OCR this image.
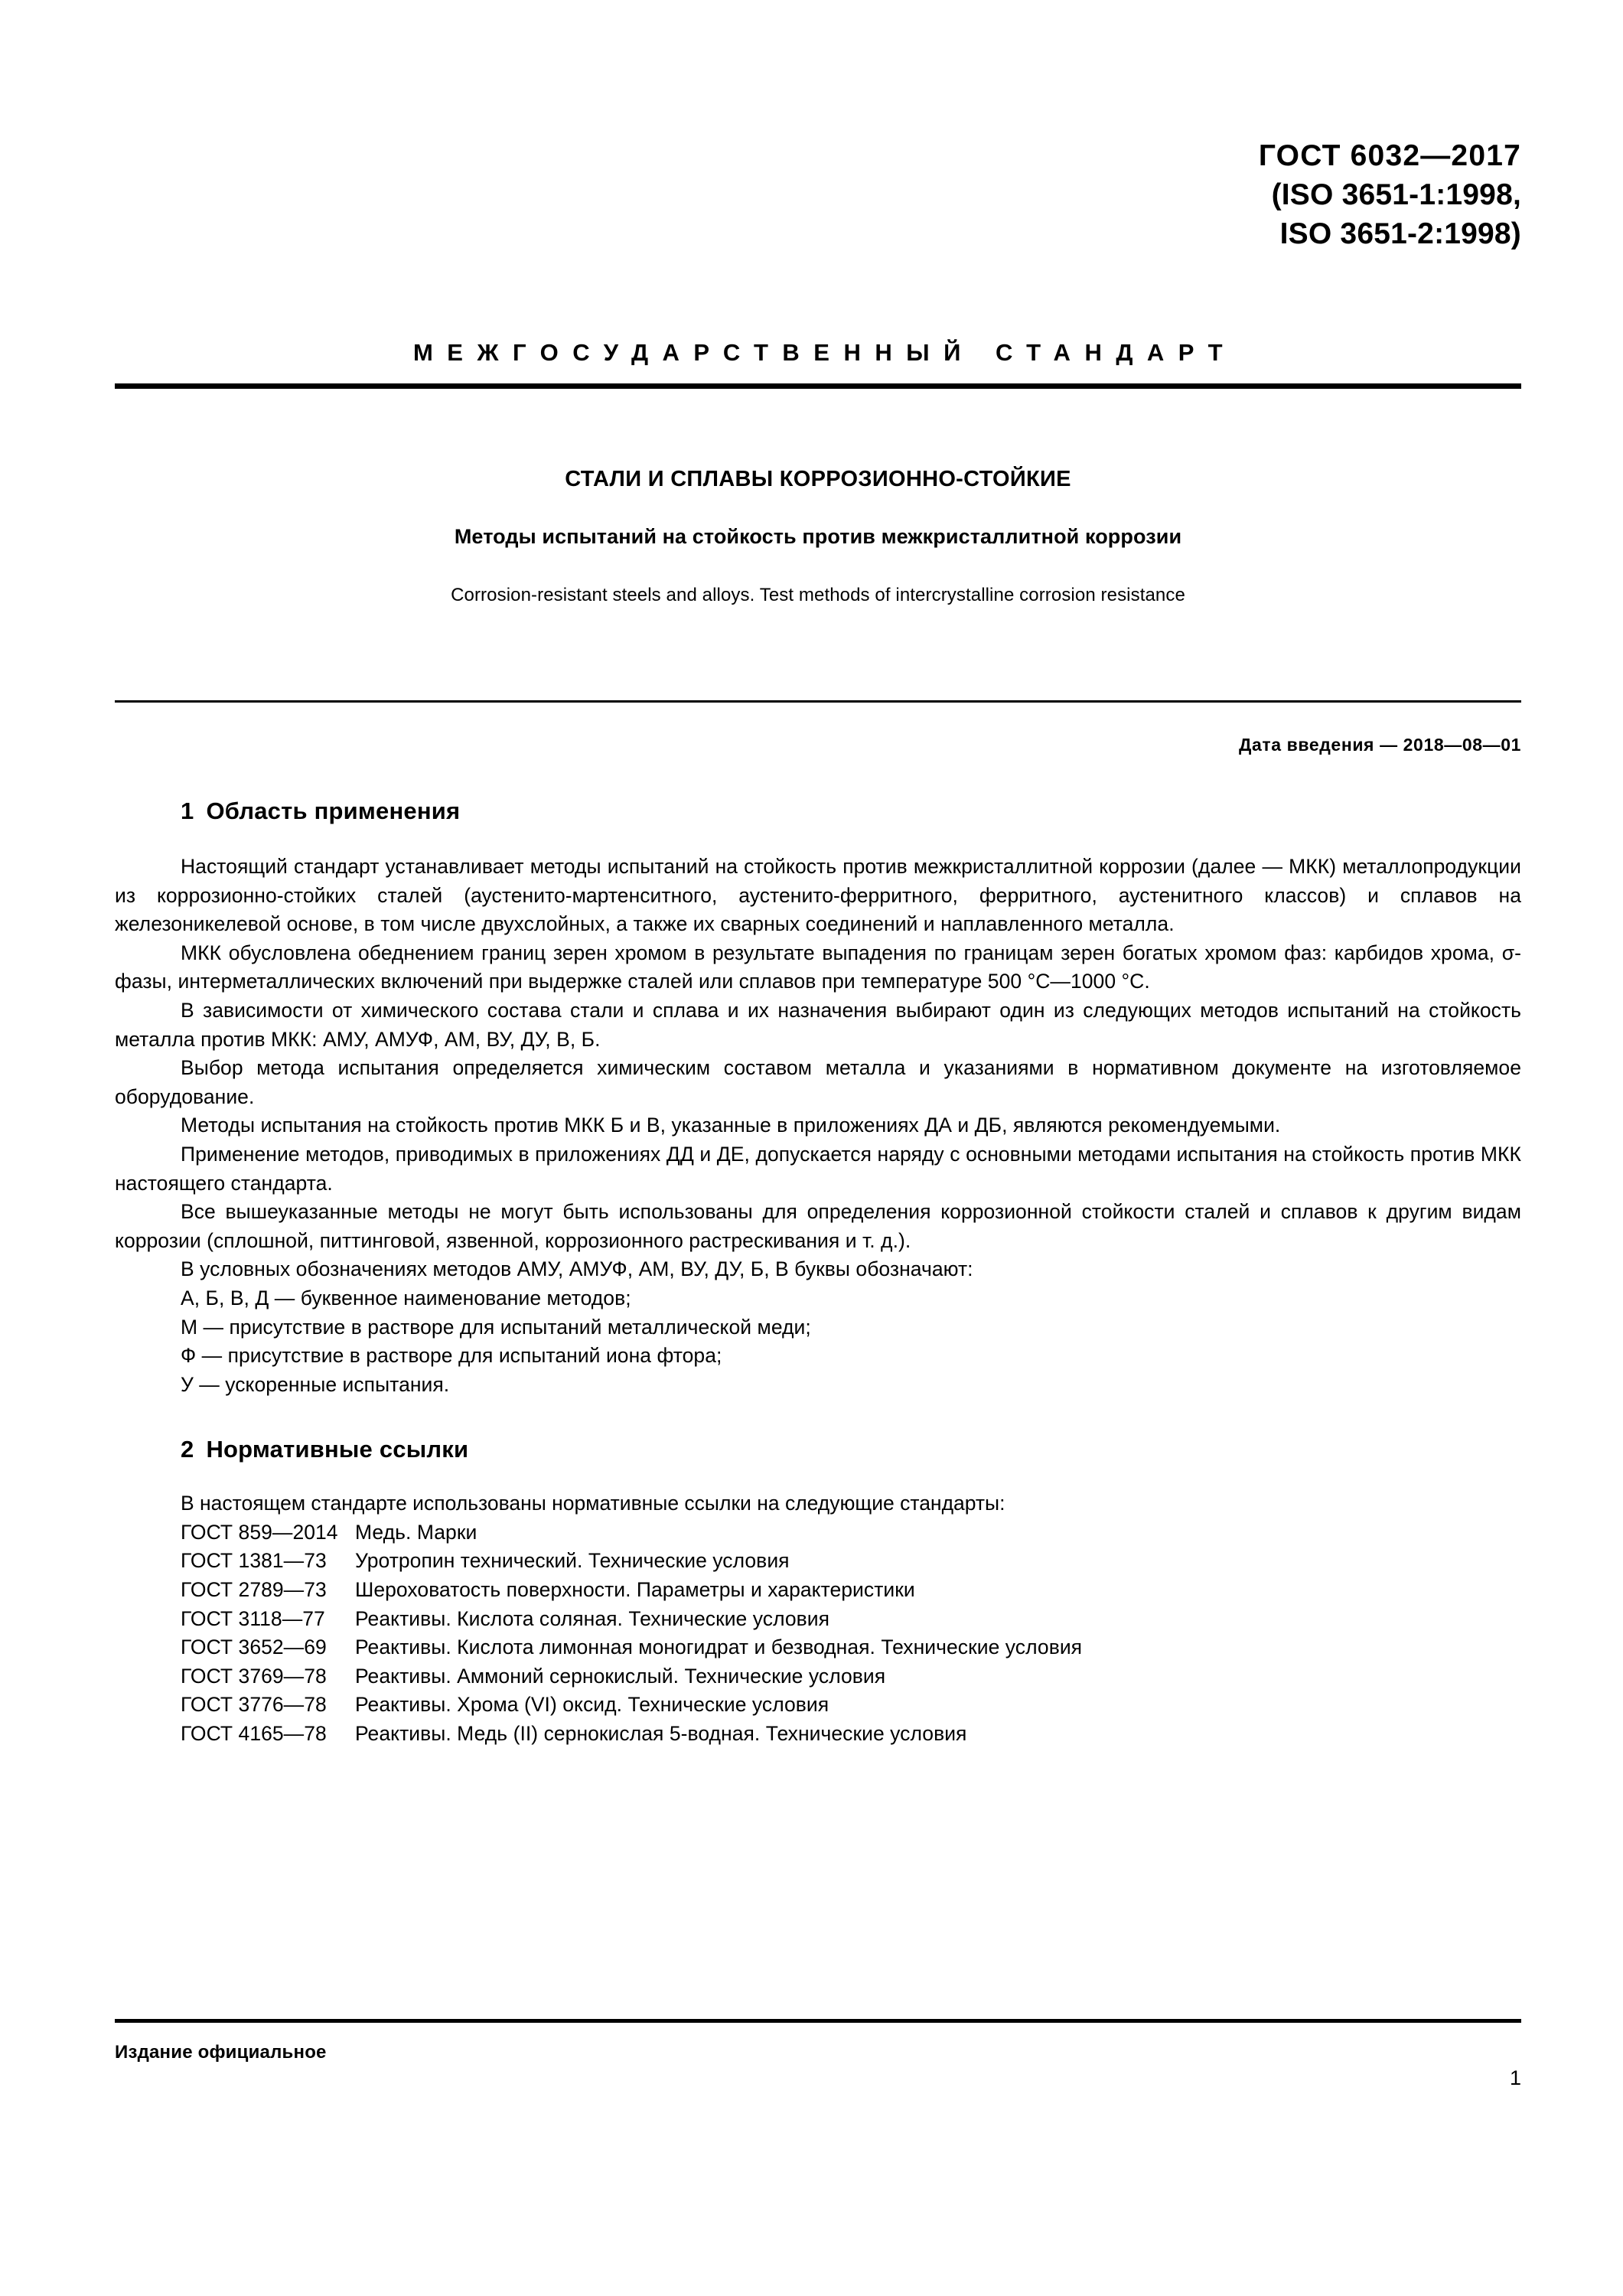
ГОСТ 6032—2017
(ISO 3651-1:1998,
ISO 3651-2:1998)
МЕЖГОСУДАРСТВЕННЫЙ СТАНДАРТ
СТАЛИ И СПЛАВЫ КОРРОЗИОННО-СТОЙКИЕ
Методы испытаний на стойкость против межкристаллитной коррозии
Corrosion-resistant steels and alloys. Test methods of intercrystalline corrosion resistance
Дата введения — 2018—08—01
1 Область применения

Настоящий стандарт устанавливает методы испытаний на стойкость против межкристаллитной коррозии (далее — МКК) металлопродукции из коррозионно-стойких сталей (аустенито-мартенситного, аустенито-ферритного, ферритного, аустенитного классов) и сплавов на железоникелевой основе, в том числе двухслойных, а также их сварных соединений и наплавленного металла.

МКК обусловлена обеднением границ зерен хромом в результате выпадения по границам зерен богатых хромом фаз: карбидов хрома, σ-фазы, интерметаллических включений при выдержке сталей или сплавов при температуре 500 °С—1000 °С.

В зависимости от химического состава стали и сплава и их назначения выбирают один из следующих методов испытаний на стойкость металла против МКК: АМУ, АМУФ, АМ, ВУ, ДУ, В, Б.

Выбор метода испытания определяется химическим составом металла и указаниями в нормативном документе на изготовляемое оборудование.

Методы испытания на стойкость против МКК Б и В, указанные в приложениях ДА и ДБ, являются рекомендуемыми.

Применение методов, приводимых в приложениях ДД и ДЕ, допускается наряду с основными методами испытания на стойкость против МКК настоящего стандарта.

Все вышеуказанные методы не могут быть использованы для определения коррозионной стойкости сталей и сплавов к другим видам коррозии (сплошной, питтинговой, язвенной, коррозионного растрескивания и т. д.).

В условных обозначениях методов АМУ, АМУФ, АМ, ВУ, ДУ, Б, В буквы обозначают:

А, Б, В, Д — буквенное наименование методов;
М — присутствие в растворе для испытаний металлической меди;
Ф — присутствие в растворе для испытаний иона фтора;
У — ускоренные испытания.
2 Нормативные ссылки

В настоящем стандарте использованы нормативные ссылки на следующие стандарты:

ГОСТ 859—2014 Медь. Марки
ГОСТ 1381—73 Уротропин технический. Технические условия
ГОСТ 2789—73 Шероховатость поверхности. Параметры и характеристики
ГОСТ 3118—77 Реактивы. Кислота соляная. Технические условия
ГОСТ 3652—69 Реактивы. Кислота лимонная моногидрат и безводная. Технические условия
ГОСТ 3769—78 Реактивы. Аммоний сернокислый. Технические условия
ГОСТ 3776—78 Реактивы. Хрома (VI) оксид. Технические условия
ГОСТ 4165—78 Реактивы. Медь (II) сернокислая 5-водная. Технические условия
Издание официальное
1
